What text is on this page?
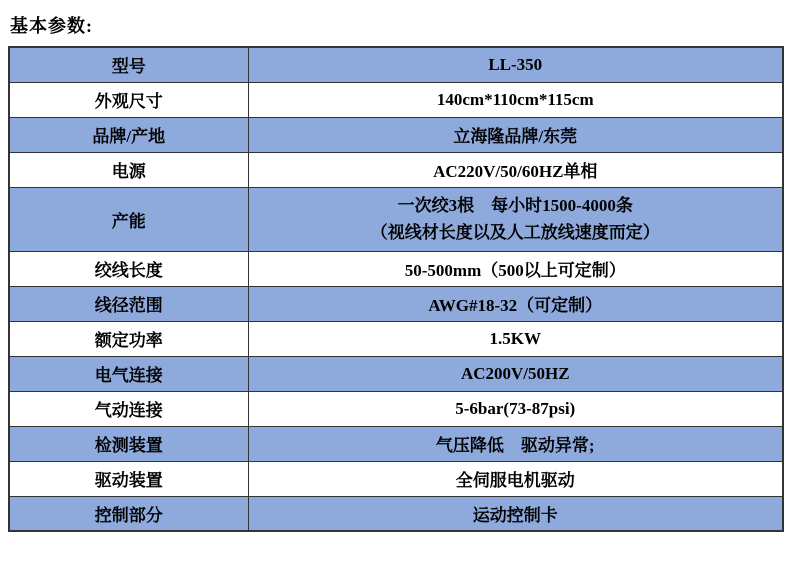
基本参数:
型号	LL-350
外观尺寸	140cm*110cm*115cm
品牌/产地	立海隆品牌/东莞
电源	AC220V/50/60HZ单相
产能	一次绞3根　每小时1500-4000条
（视线材长度以及人工放线速度而定）

绞线长度	50-500mm（500以上可定制）
线径范围	AWG#18-32（可定制）
额定功率	1.5KW
电气连接	AC200V/50HZ
气动连接	5-6bar(73-87psi)
检测装置	气压降低　驱动异常;
驱动装置	全伺服电机驱动
控制部分	运动控制卡
